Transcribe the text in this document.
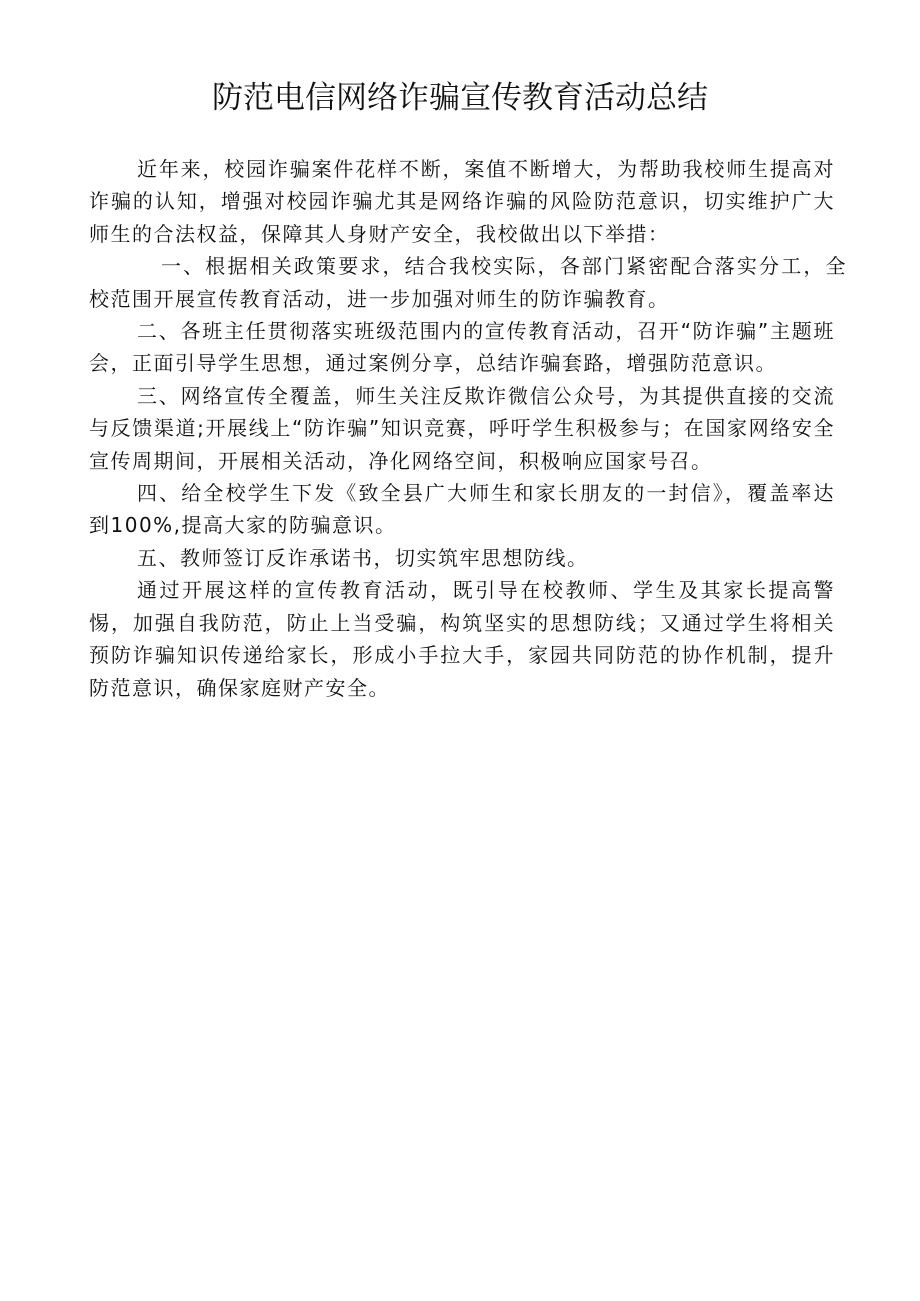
防范电信网络诈骗宣传教育活动总结

近年来，校园诈骗案件花样不断，案值不断增大，为帮助我校师生提高对诈骗的认知，增强对校园诈骗尤其是网络诈骗的风险防范意识，切实维护广大师生的合法权益，保障其人身财产安全，我校做出以下举措：

一、根据相关政策要求，结合我校实际，各部门紧密配合落实分工，全校范围开展宣传教育活动，进一步加强对师生的防诈骗教育。

二、各班主任贯彻落实班级范围内的宣传教育活动，召开“防诈骗”主题班会，正面引导学生思想，通过案例分享，总结诈骗套路，增强防范意识。

三、网络宣传全覆盖，师生关注反欺诈微信公众号，为其提供直接的交流与反馈渠道;开展线上“防诈骗”知识竞赛，呼吁学生积极参与；在国家网络安全宣传周期间，开展相关活动，净化网络空间，积极响应国家号召。

四、给全校学生下发《致全县广大师生和家长朋友的一封信》，覆盖率达到100%,提高大家的防骗意识。

五、教师签订反诈承诺书，切实筑牢思想防线。

通过开展这样的宣传教育活动，既引导在校教师、学生及其家长提高警惕，加强自我防范，防止上当受骗，构筑坚实的思想防线；又通过学生将相关预防诈骗知识传递给家长，形成小手拉大手，家园共同防范的协作机制，提升防范意识，确保家庭财产安全。
